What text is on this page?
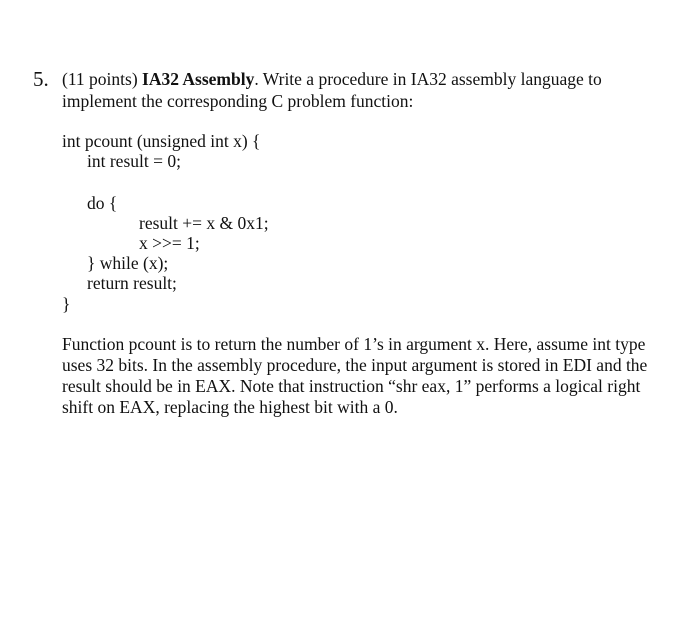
5. (11 points) IA32 Assembly. Write a procedure in IA32 assembly language to
implement the corresponding C problem function:
int pcount (unsigned int x) {
int result = 0;
do {
result += x & 0x1;
x >>= 1;
} while (x);
return result;
}
Function pcount is to return the number of 1’s in argument x. Here, assume int type
uses 32 bits. In the assembly procedure, the input argument is stored in EDI and the
result should be in EAX. Note that instruction “shr eax, 1” performs a logical right
shift on EAX, replacing the highest bit with a 0.
